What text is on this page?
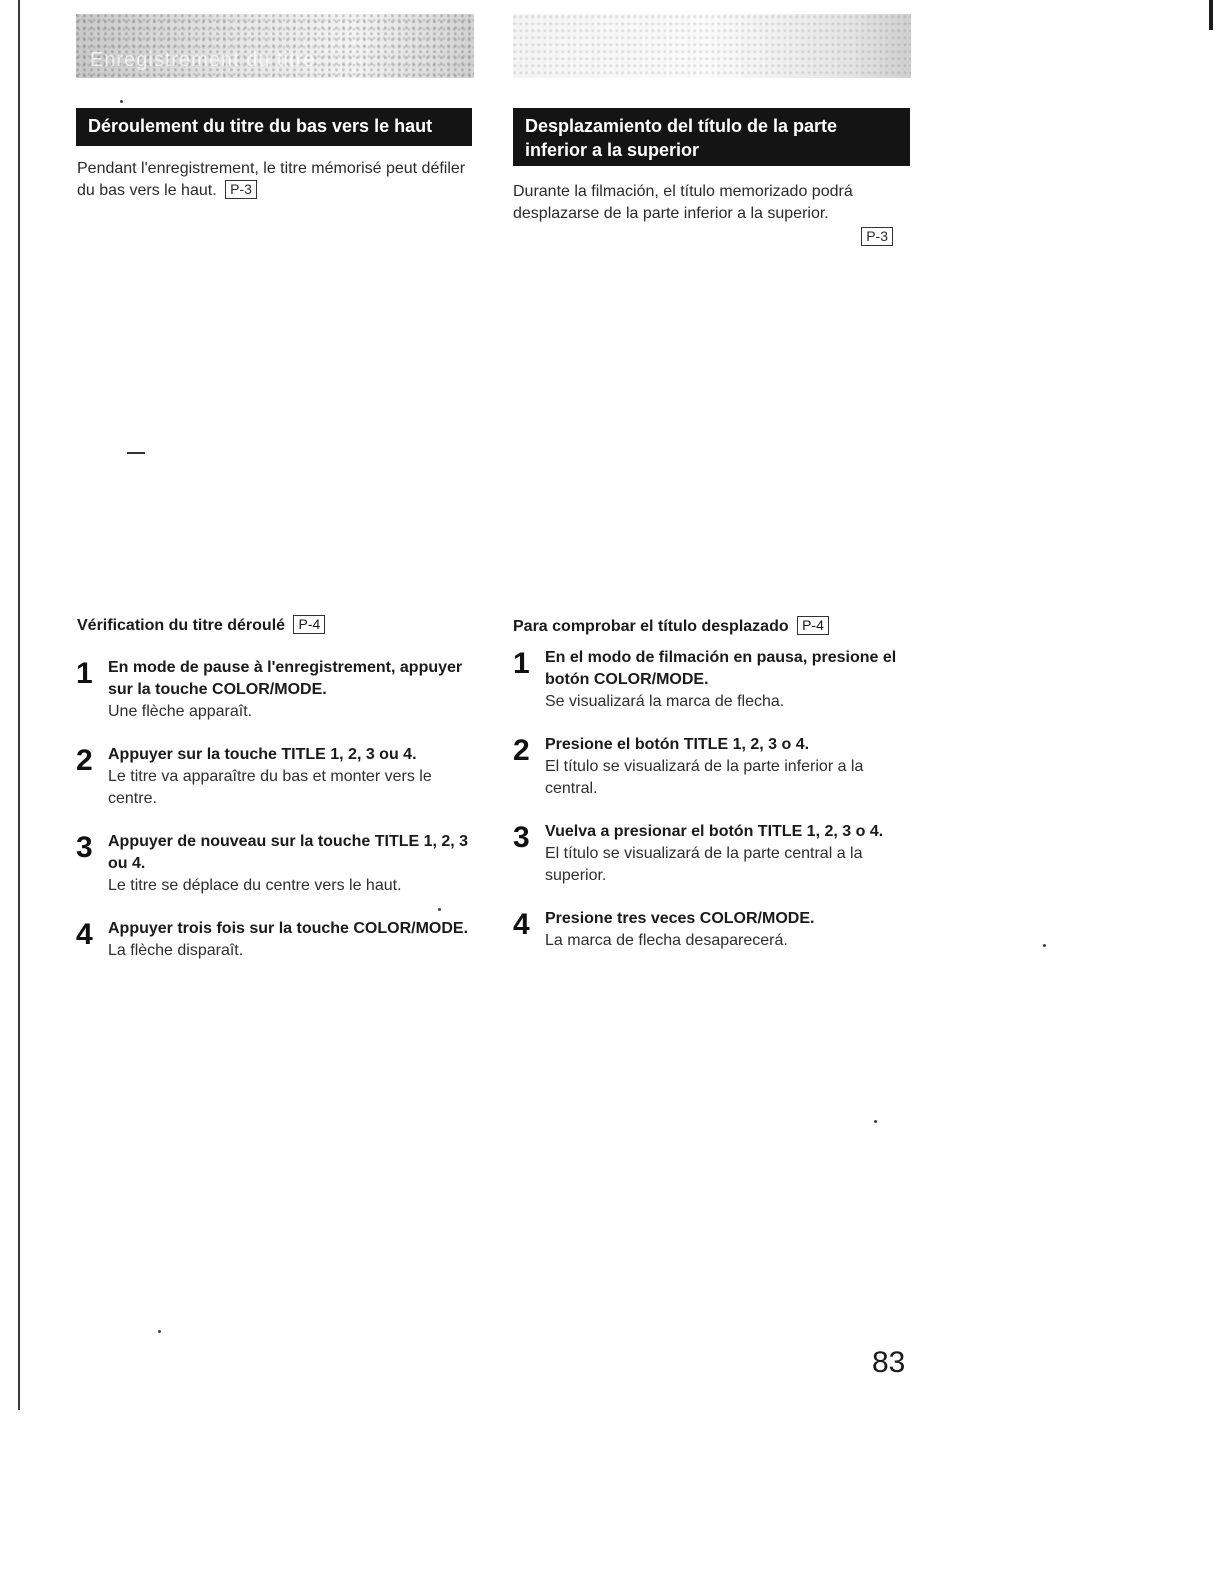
Enregistrement du titre
Déroulement du titre du bas vers le haut	Desplazamiento del título de la parte inferior a la superior
Pendant l'enregistrement, le titre mémorisé peut défiler du bas vers le haut. P-3	Durante la filmación, el título memorizado podrá desplazarse de la parte inferior a la superior.
P-3
Vérification du titre déroulé P-4	Para comprobar el título desplazado P-4
1 En mode de pause à l'enregistrement, appuyer sur la touche COLOR/MODE.
Une flèche apparaît.
2 Appuyer sur la touche TITLE 1, 2, 3 ou 4.
Le titre va apparaître du bas et monter vers le centre.
3 Appuyer de nouveau sur la touche TITLE 1, 2, 3 ou 4.
Le titre se déplace du centre vers le haut.
4 Appuyer trois fois sur la touche COLOR/MODE.
La flèche disparaît.
1 En el modo de filmación en pausa, presione el botón COLOR/MODE.
Se visualizará la marca de flecha.
2 Presione el botón TITLE 1, 2, 3 o 4.
El título se visualizará de la parte inferior a la central.
3 Vuelva a presionar el botón TITLE 1, 2, 3 o 4.
El título se visualizará de la parte central a la superior.
4 Presione tres veces COLOR/MODE.
La marca de flecha desaparecerá.
83
